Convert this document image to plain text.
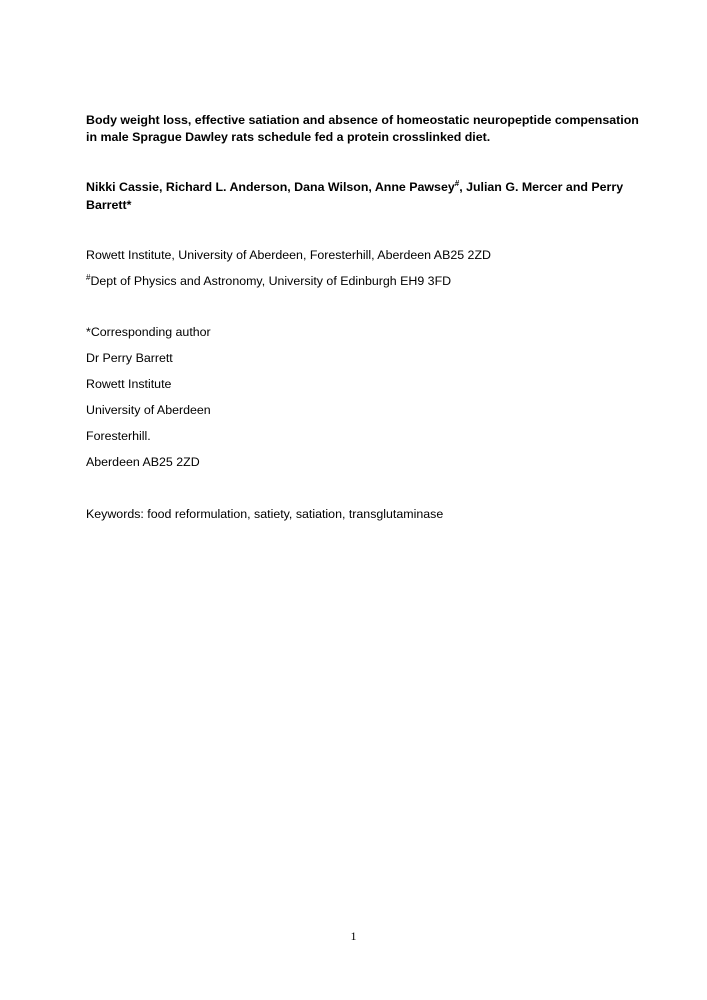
Body weight loss, effective satiation and absence of homeostatic neuropeptide compensation in male Sprague Dawley rats schedule fed a protein crosslinked diet.

Nikki Cassie, Richard L. Anderson, Dana Wilson, Anne Pawsey#, Julian G. Mercer and Perry Barrett*

Rowett Institute, University of Aberdeen, Foresterhill, Aberdeen AB25 2ZD

#Dept of Physics and Astronomy, University of Edinburgh EH9 3FD

*Corresponding author

Dr Perry Barrett

Rowett Institute

University of Aberdeen

Foresterhill.

Aberdeen AB25 2ZD

Keywords: food reformulation, satiety, satiation, transglutaminase

1
